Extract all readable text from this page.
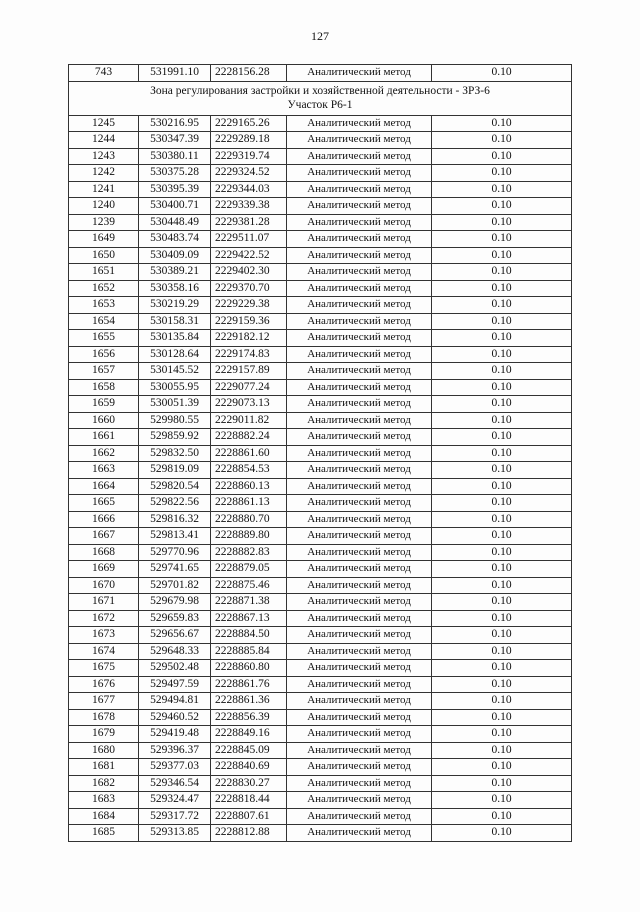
127
743	531991.10	2228156.28	Аналитический метод	0.10

Зона регулирования застройки и хозяйственной деятельности - ЗРЗ-6
Участок Р6-1				

1245	530216.95	2229165.26	Аналитический метод	0.10
1244	530347.39	2229289.18	Аналитический метод	0.10
1243	530380.11	2229319.74	Аналитический метод	0.10
1242	530375.28	2229324.52	Аналитический метод	0.10
1241	530395.39	2229344.03	Аналитический метод	0.10
1240	530400.71	2229339.38	Аналитический метод	0.10
1239	530448.49	2229381.28	Аналитический метод	0.10
1649	530483.74	2229511.07	Аналитический метод	0.10
1650	530409.09	2229422.52	Аналитический метод	0.10
1651	530389.21	2229402.30	Аналитический метод	0.10
1652	530358.16	2229370.70	Аналитический метод	0.10
1653	530219.29	2229229.38	Аналитический метод	0.10
1654	530158.31	2229159.36	Аналитический метод	0.10
1655	530135.84	2229182.12	Аналитический метод	0.10
1656	530128.64	2229174.83	Аналитический метод	0.10
1657	530145.52	2229157.89	Аналитический метод	0.10
1658	530055.95	2229077.24	Аналитический метод	0.10
1659	530051.39	2229073.13	Аналитический метод	0.10
1660	529980.55	2229011.82	Аналитический метод	0.10
1661	529859.92	2228882.24	Аналитический метод	0.10
1662	529832.50	2228861.60	Аналитический метод	0.10
1663	529819.09	2228854.53	Аналитический метод	0.10
1664	529820.54	2228860.13	Аналитический метод	0.10
1665	529822.56	2228861.13	Аналитический метод	0.10
1666	529816.32	2228880.70	Аналитический метод	0.10
1667	529813.41	2228889.80	Аналитический метод	0.10
1668	529770.96	2228882.83	Аналитический метод	0.10
1669	529741.65	2228879.05	Аналитический метод	0.10
1670	529701.82	2228875.46	Аналитический метод	0.10
1671	529679.98	2228871.38	Аналитический метод	0.10
1672	529659.83	2228867.13	Аналитический метод	0.10
1673	529656.67	2228884.50	Аналитический метод	0.10
1674	529648.33	2228885.84	Аналитический метод	0.10
1675	529502.48	2228860.80	Аналитический метод	0.10
1676	529497.59	2228861.76	Аналитический метод	0.10
1677	529494.81	2228861.36	Аналитический метод	0.10
1678	529460.52	2228856.39	Аналитический метод	0.10
1679	529419.48	2228849.16	Аналитический метод	0.10
1680	529396.37	2228845.09	Аналитический метод	0.10
1681	529377.03	2228840.69	Аналитический метод	0.10
1682	529346.54	2228830.27	Аналитический метод	0.10
1683	529324.47	2228818.44	Аналитический метод	0.10
1684	529317.72	2228807.61	Аналитический метод	0.10
1685	529313.85	2228812.88	Аналитический метод	0.10
